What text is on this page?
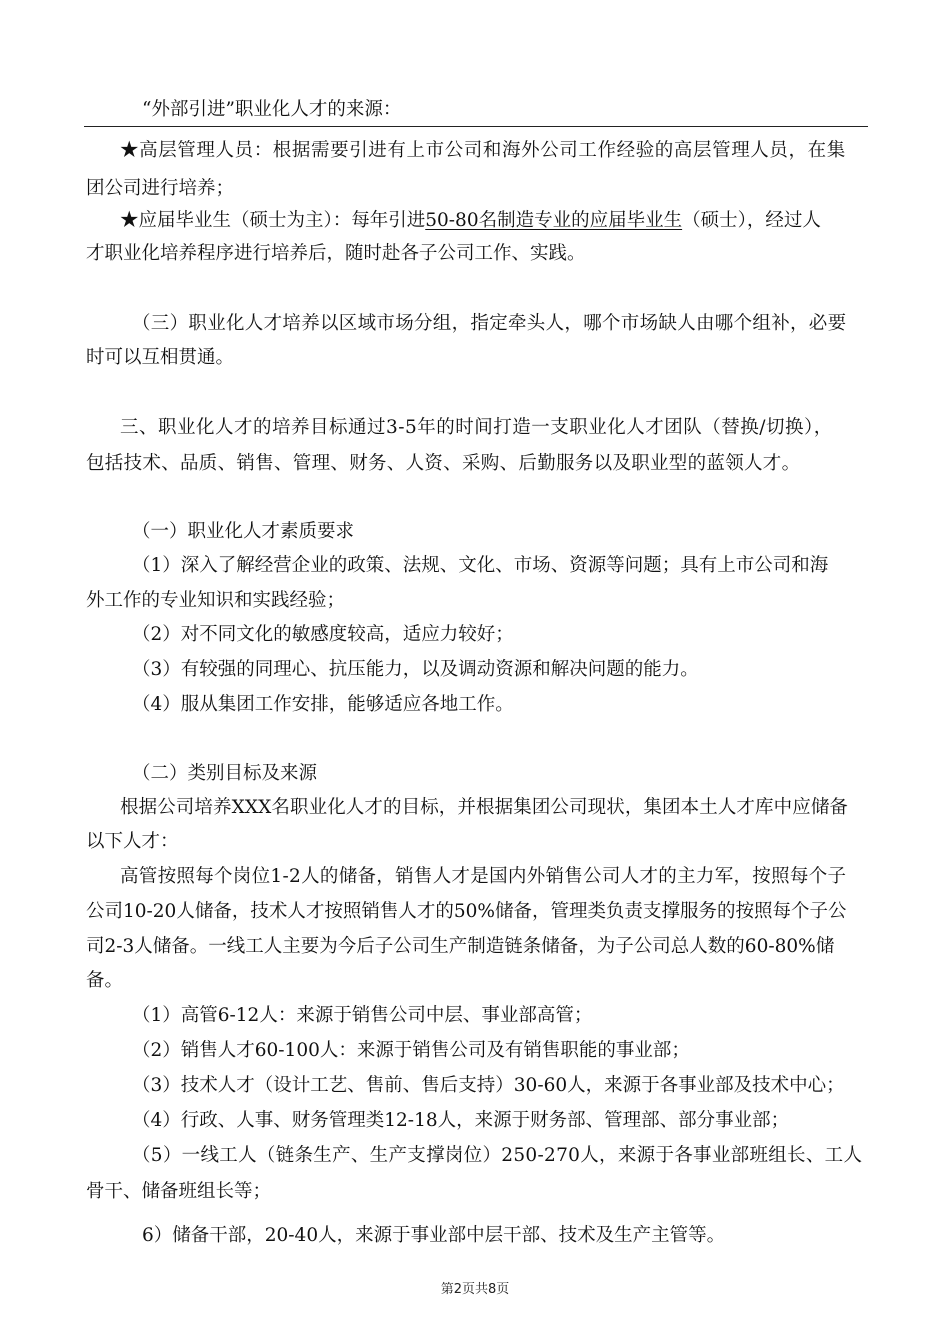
“外部引进”职业化人才的来源：
★高层管理人员：根据需要引进有上市公司和海外公司工作经验的高层管理人员，在集
团公司进行培养；
★应届毕业生（硕士为主）：每年引进50-80名制造专业的应届毕业生（硕士），经过人
才职业化培养程序进行培养后，随时赴各子公司工作、实践。
（三）职业化人才培养以区域市场分组，指定牵头人，哪个市场缺人由哪个组补，必要
时可以互相贯通。
三、职业化人才的培养目标通过3-5年的时间打造一支职业化人才团队（替换/切换），
包括技术、品质、销售、管理、财务、人资、采购、后勤服务以及职业型的蓝领人才。
（一）职业化人才素质要求
（1）深入了解经营企业的政策、法规、文化、市场、资源等问题；具有上市公司和海
外工作的专业知识和实践经验；
（2）对不同文化的敏感度较高，适应力较好；
（3）有较强的同理心、抗压能力，以及调动资源和解决问题的能力。
（4）服从集团工作安排，能够适应各地工作。
（二）类别目标及来源
根据公司培养XXX名职业化人才的目标，并根据集团公司现状，集团本土人才库中应储备
以下人才：
高管按照每个岗位1-2人的储备，销售人才是国内外销售公司人才的主力军，按照每个子
公司10-20人储备，技术人才按照销售人才的50%储备，管理类负责支撑服务的按照每个子公
司2-3人储备。一线工人主要为今后子公司生产制造链条储备，为子公司总人数的60-80%储
备。
（1）高管6-12人：来源于销售公司中层、事业部高管；
（2）销售人才60-100人：来源于销售公司及有销售职能的事业部；
（3）技术人才（设计工艺、售前、售后支持）30-60人，来源于各事业部及技术中心；
（4）行政、人事、财务管理类12-18人，来源于财务部、管理部、部分事业部；
（5）一线工人（链条生产、生产支撑岗位）250-270人，来源于各事业部班组长、工人
骨干、储备班组长等；
6）储备干部，20-40人，来源于事业部中层干部、技术及生产主管等。
第2页共8页
